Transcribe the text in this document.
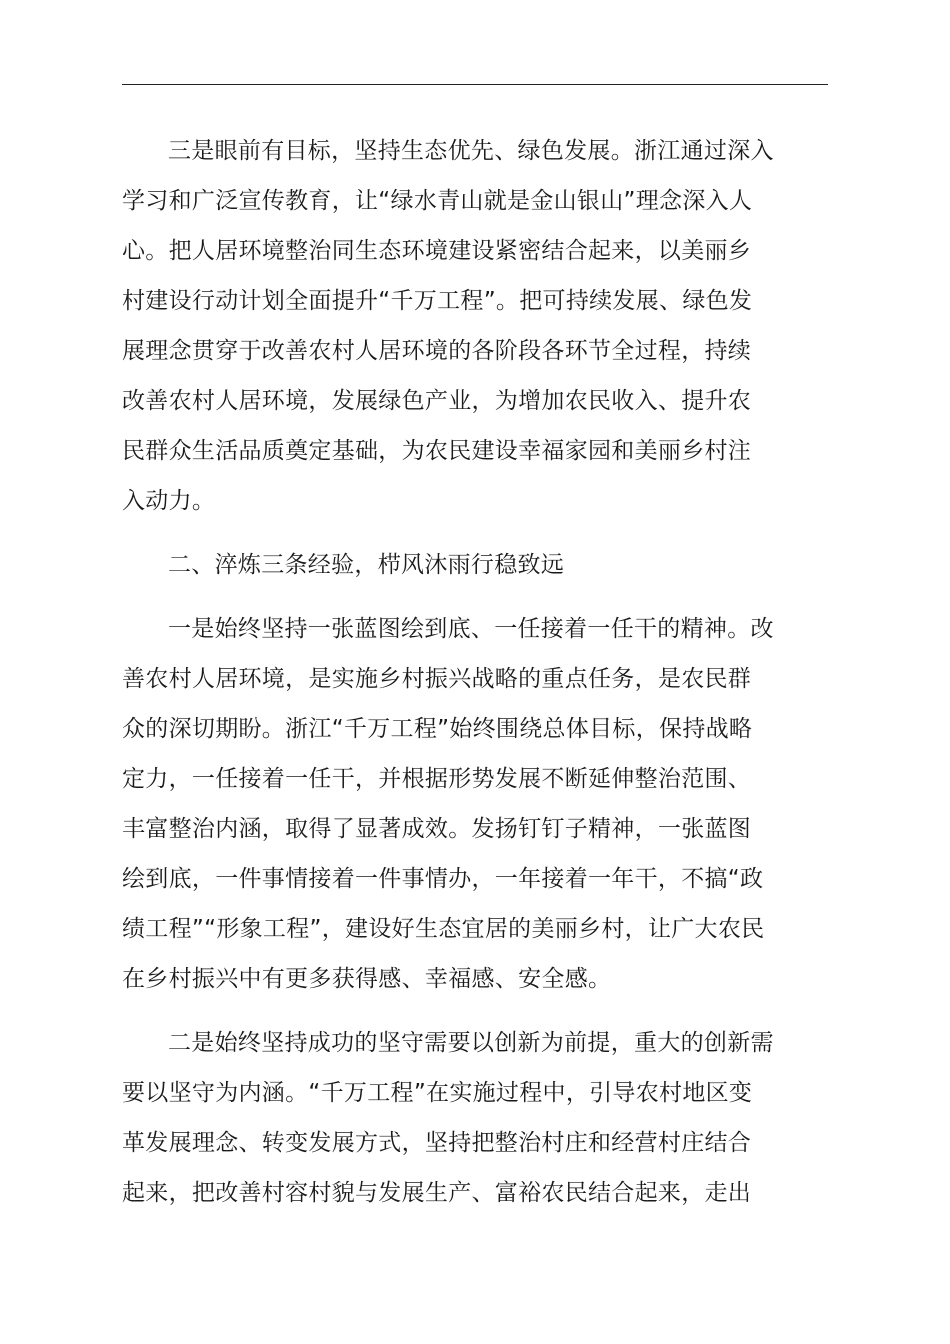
三是眼前有目标，坚持生态优先、绿色发展。浙江通过深入
学习和广泛宣传教育，让“绿水青山就是金山银山”理念深入人
心。把人居环境整治同生态环境建设紧密结合起来，以美丽乡
村建设行动计划全面提升“千万工程”。把可持续发展、绿色发
展理念贯穿于改善农村人居环境的各阶段各环节全过程，持续
改善农村人居环境，发展绿色产业，为增加农民收入、提升农
民群众生活品质奠定基础，为农民建设幸福家园和美丽乡村注
入动力。
二、淬炼三条经验，栉风沐雨行稳致远
一是始终坚持一张蓝图绘到底、一任接着一任干的精神。改
善农村人居环境，是实施乡村振兴战略的重点任务，是农民群
众的深切期盼。浙江“千万工程”始终围绕总体目标，保持战略
定力，一任接着一任干，并根据形势发展不断延伸整治范围、
丰富整治内涵，取得了显著成效。发扬钉钉子精神，一张蓝图
绘到底，一件事情接着一件事情办，一年接着一年干，不搞“政
绩工程”“形象工程”，建设好生态宜居的美丽乡村，让广大农民
在乡村振兴中有更多获得感、幸福感、安全感。
二是始终坚持成功的坚守需要以创新为前提，重大的创新需
要以坚守为内涵。“千万工程”在实施过程中，引导农村地区变
革发展理念、转变发展方式，坚持把整治村庄和经营村庄结合
起来，把改善村容村貌与发展生产、富裕农民结合起来，走出
